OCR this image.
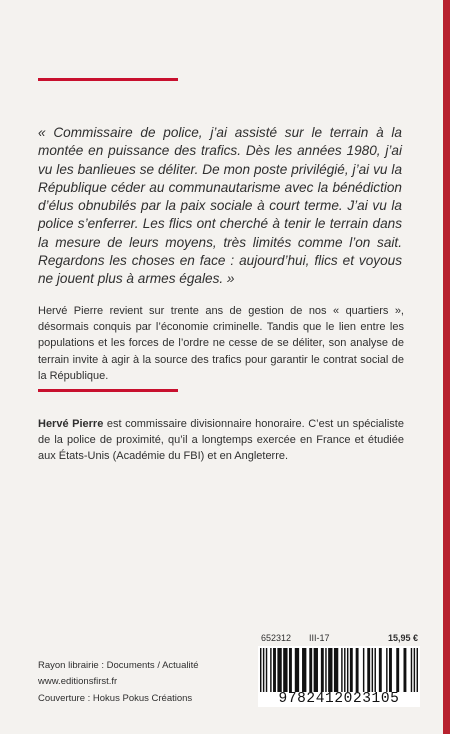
« Commissaire de police, j’ai assisté sur le terrain à la montée en puissance des trafics. Dès les années 1980, j’ai vu les banlieues se déliter. De mon poste privilégié, j’ai vu la République céder au communautarisme avec la bénédiction d’élus obnubilés par la paix sociale à court terme. J’ai vu la police s’enferrer. Les flics ont cherché à tenir le terrain dans la mesure de leurs moyens, très limités comme l’on sait. Regardons les choses en face : aujourd’hui, flics et voyous ne jouent plus à armes égales. »

Hervé Pierre revient sur trente ans de gestion de nos « quartiers », désormais conquis par l’économie criminelle. Tandis que le lien entre les populations et les forces de l’ordre ne cesse de se déliter, son analyse de terrain invite à agir à la source des trafics pour garantir le contrat social de la République.

Hervé Pierre est commissaire divisionnaire honoraire. C’est un spécialiste de la police de proximité, qu’il a longtemps exercée en France et étudiée aux États-Unis (Académie du FBI) et en Angleterre.

Rayon librairie : Documents / Actualité
www.editionsfirst.fr
Couverture : Hokus Pokus Créations
652312 III-17	15,95 €
9782412023105
